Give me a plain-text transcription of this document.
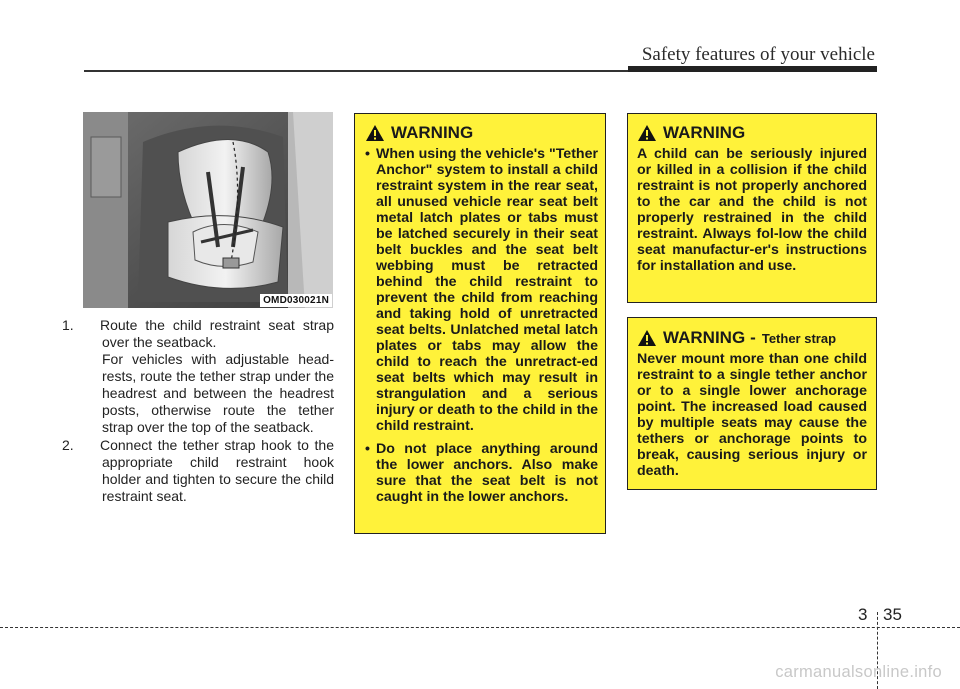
Safety features of your vehicle
OMD030021N
1. Route the child restraint seat strap over the seatback.
For vehicles with adjustable head-rests, route the tether strap under the headrest and between the headrest posts, otherwise route the tether strap over the top of the seatback.
2. Connect the tether strap hook to the appropriate child restraint hook holder and tighten to secure the child restraint seat.
WARNING
• When using the vehicle's "Tether Anchor" system to install a child restraint system in the rear seat, all unused vehicle rear seat belt metal latch plates or tabs must be latched securely in their seat belt buckles and the seat belt webbing must be retracted behind the child restraint to prevent the child from reaching and taking hold of unretracted seat belts. Unlatched metal latch plates or tabs may allow the child to reach the unretract-ed seat belts which may result in strangulation and a serious injury or death to the child in the child restraint.
• Do not place anything around the lower anchors. Also make sure that the seat belt is not caught in the lower anchors.
WARNING
A child can be seriously injured or killed in a collision if the child restraint is not properly anchored to the car and the child is not properly restrained in the child restraint. Always fol-low the child seat manufactur-er's instructions for installation and use.
WARNING - Tether strap
Never mount more than one child restraint to a single tether anchor or to a single lower anchorage point. The increased load caused by multiple seats may cause the tethers or anchorage points to break, causing serious injury or death.
3 35
carmanualsonline.info
